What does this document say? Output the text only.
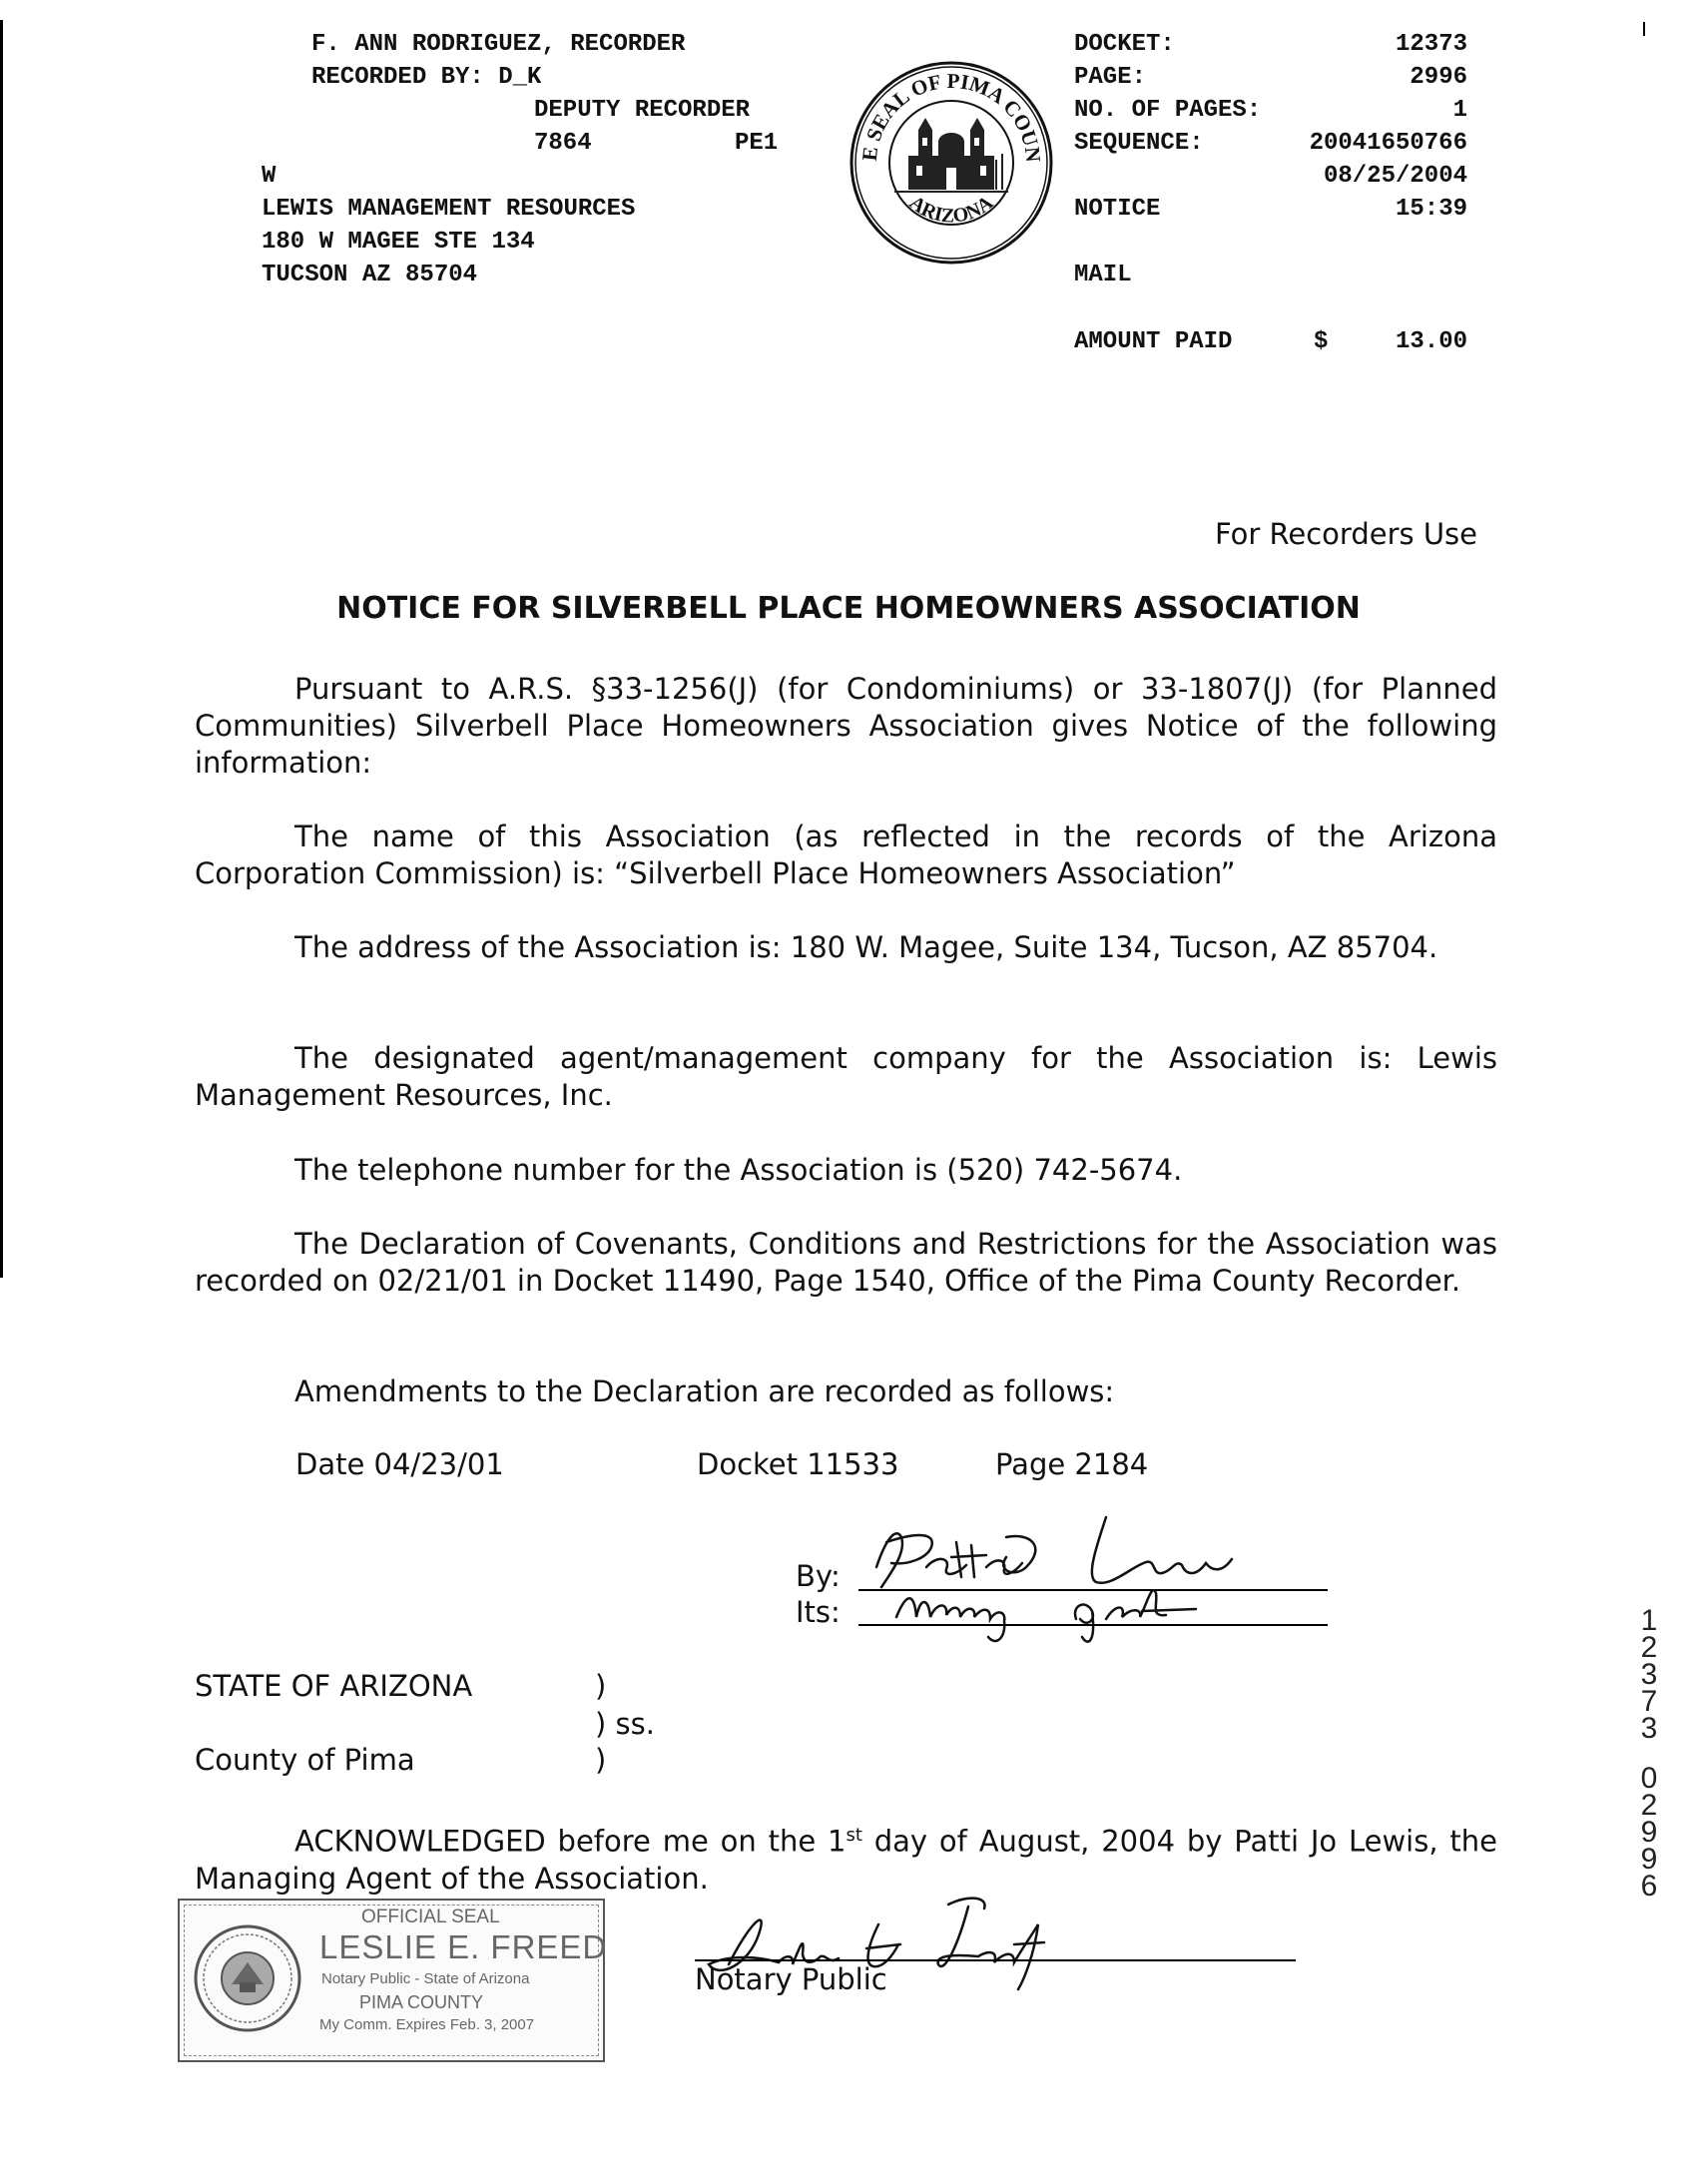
F. ANN RODRIGUEZ, RECORDER
RECORDED BY: D_K
DEPUTY RECORDER
7864	PE1
W
LEWIS MANAGEMENT RESOURCES
180 W MAGEE STE 134
TUCSON AZ 85704
E SEAL OF PIMA COUN
ARIZONA
DOCKET:	12373
PAGE:	2996
NO. OF PAGES:	1
SEQUENCE:	20041650766
08/25/2004
NOTICE	15:39
MAIL
AMOUNT PAID	$	13.00
For Recorders Use
NOTICE FOR SILVERBELL PLACE HOMEOWNERS ASSOCIATION
Pursuant to A.R.S. §33-1256(J) (for Condominiums) or 33-1807(J) (for Planned Communities) Silverbell Place Homeowners Association gives Notice of the following information:
The name of this Association (as reflected in the records of the Arizona Corporation Commission) is: “Silverbell Place Homeowners Association”
The address of the Association is: 180 W. Magee, Suite 134, Tucson, AZ 85704.
The designated agent/management company for the Association is: Lewis Management Resources, Inc.
The telephone number for the Association is (520) 742-5674.
The Declaration of Covenants, Conditions and Restrictions for the Association was recorded on 02/21/01 in Docket 11490, Page 1540, Office of the Pima County Recorder.
Amendments to the Declaration are recorded as follows:
Date 04/23/01	Docket 11533	Page 2184
By:
Its:
STATE OF ARIZONA	)
) ss.
County of Pima	)
ACKNOWLEDGED before me on the 1st day of August, 2004 by Patti Jo Lewis, the Managing Agent of the Association.
OFFICIAL SEAL
LESLIE E. FREED
Notary Public - State of Arizona
PIMA COUNTY
My Comm. Expires Feb. 3, 2007
Notary Public
1
2
3
7
3
0
2
9
9
6
